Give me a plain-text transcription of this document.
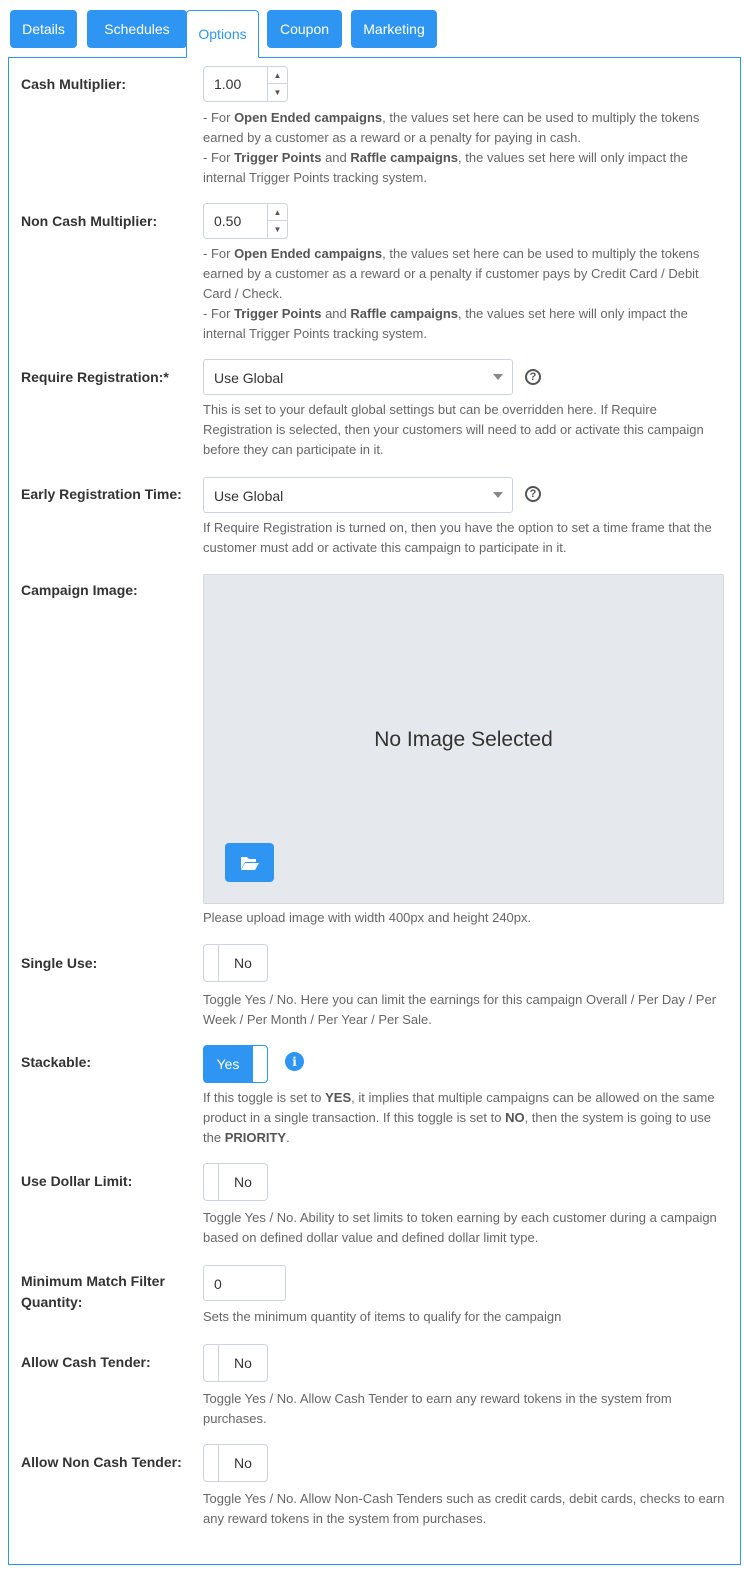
Details	Schedules	Options	Coupon	Marketing
Cash Multiplier:	1.00
▲
▼
- For Open Ended campaigns, the values set here can be used to multiply the tokens earned by a customer as a reward or a penalty for paying in cash.
- For Trigger Points and Raffle campaigns, the values set here will only impact the internal Trigger Points tracking system.
Non Cash Multiplier:	0.50
▲
▼
- For Open Ended campaigns, the values set here can be used to multiply the tokens earned by a customer as a reward or a penalty if customer pays by Credit Card / Debit Card / Check.
- For Trigger Points and Raffle campaigns, the values set here will only impact the internal Trigger Points tracking system.
Require Registration:*	Use Global	?
This is set to your default global settings but can be overridden here. If Require Registration is selected, then your customers will need to add or activate this campaign before they can participate in it.
Early Registration Time: Use Global	?
If Require Registration is turned on, then you have the option to set a time frame that the customer must add or activate this campaign to participate in it.
Campaign Image:
No Image Selected
Please upload image with width 400px and height 240px.
Single Use:	No
Toggle Yes / No. Here you can limit the earnings for this campaign Overall / Per Day / Per Week / Per Month / Per Year / Per Sale.
Stackable:	Yes	i
If this toggle is set to YES, it implies that multiple campaigns can be allowed on the same product in a single transaction. If this toggle is set to NO, then the system is going to use the PRIORITY.
Use Dollar Limit:	No
Toggle Yes / No. Ability to set limits to token earning by each customer during a campaign based on defined dollar value and defined dollar limit type.
Minimum Match Filter Quantity:
0
Sets the minimum quantity of items to qualify for the campaign
Allow Cash Tender:	No
Toggle Yes / No. Allow Cash Tender to earn any reward tokens in the system from purchases.
Allow Non Cash Tender:	No
Toggle Yes / No. Allow Non-Cash Tenders such as credit cards, debit cards, checks to earn any reward tokens in the system from purchases.
